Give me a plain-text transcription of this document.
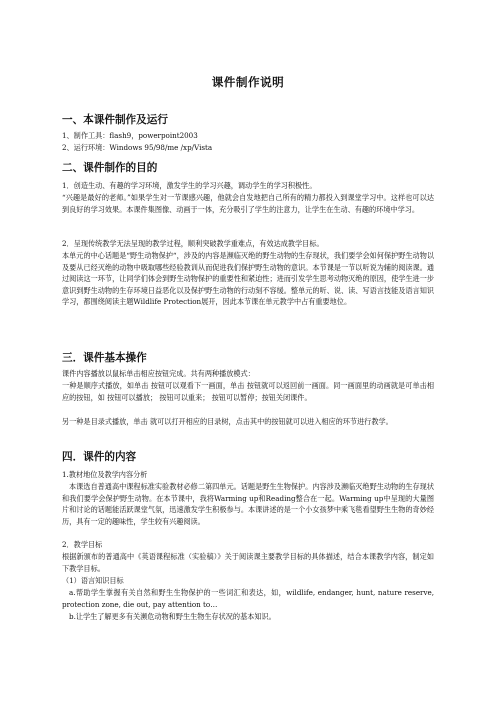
课件制作说明
一、本课件制作及运行
1、制作工具：flash9，powerpoint2003
2、运行环境：Windows 95/98/me /xp/Vista
二、课件制作的目的
1．创造生动、有趣的学习环境，激发学生的学习兴趣，调动学生的学习积极性。
“兴趣是最好的老师。”如果学生对一节课感兴趣，他就会自发地把自己所有的精力都投入到课堂学习中。这样也可以达到良好的学习效果。本课件集图像、动画于一体，充分吸引了学生的注意力，让学生在生动、有趣的环境中学习。
2．呈现传统教学无法呈现的教学过程，顺利突破教学重难点，有效达成教学目标。
本单元的中心话题是“野生动物保护“，涉及的内容是濒临灭绝的野生动物的生存现状，我们要学会如何保护野生动物以及要从已经灭绝的动物中吸取哪些经验教训从而促进我们保护野生动物的意识。本节课是一节以听说为辅的阅读课。通过阅读这一环节，让同学们体会到野生动物保护的重要性和紧迫性；进而引发学生思考动物灭绝的原因，使学生进一步意识到野生动物的生存环境日益恶化以及保护野生动物的行动刻不容缓。整单元的听、说、读、写语言技能及语言知识学习，都围绕阅读主题Wildlife Protection展开，因此本节课在单元教学中占有重要地位。
三．课件基本操作
课件内容播放以鼠标单击相应按钮完成。共有两种播放模式：
一种是顺序式播放，如单击 按钮可以观看下一画面，单击 按钮就可以返回前一画面。同一画面里的动画就是可单击相应的按钮，如 按钮可以播放； 按钮可以重来； 按钮可以暂停；按钮关闭课件。
另一种是目录式播放，单击 就可以打开相应的目录树，点击其中的按钮就可以进入相应的环节进行教学。
四．课件的内容
1.教材地位及教学内容分析
本课选自普通高中课程标准实验教材必修二第四单元。话题是野生生物保护。内容涉及濒临灭绝野生动物的生存现状和我们要学会保护野生动物。在本节课中，我将Warming up和Reading整合在一起。Warming up中呈现的大量图片和讨论的话题能活跃课堂气氛，迅速激发学生积极参与。本课讲述的是一个小女孩梦中乘飞毯看望野生生物的奇妙经历，具有一定的趣味性，学生较有兴趣阅读。
2．教学目标
根据新颁布的普通高中《英语课程标准（实验稿）》关于阅读课主要教学目标的具体描述，结合本课教学内容，制定如下教学目标。
（1）语言知识目标
a.帮助学生掌握有关自然和野生生物保护的一些词汇和表达，如，wildlife, endanger, hunt, nature reserve, protection zone, die out, pay attention to…
b.让学生了解更多有关濒危动物和野生生物生存状况的基本知识。
